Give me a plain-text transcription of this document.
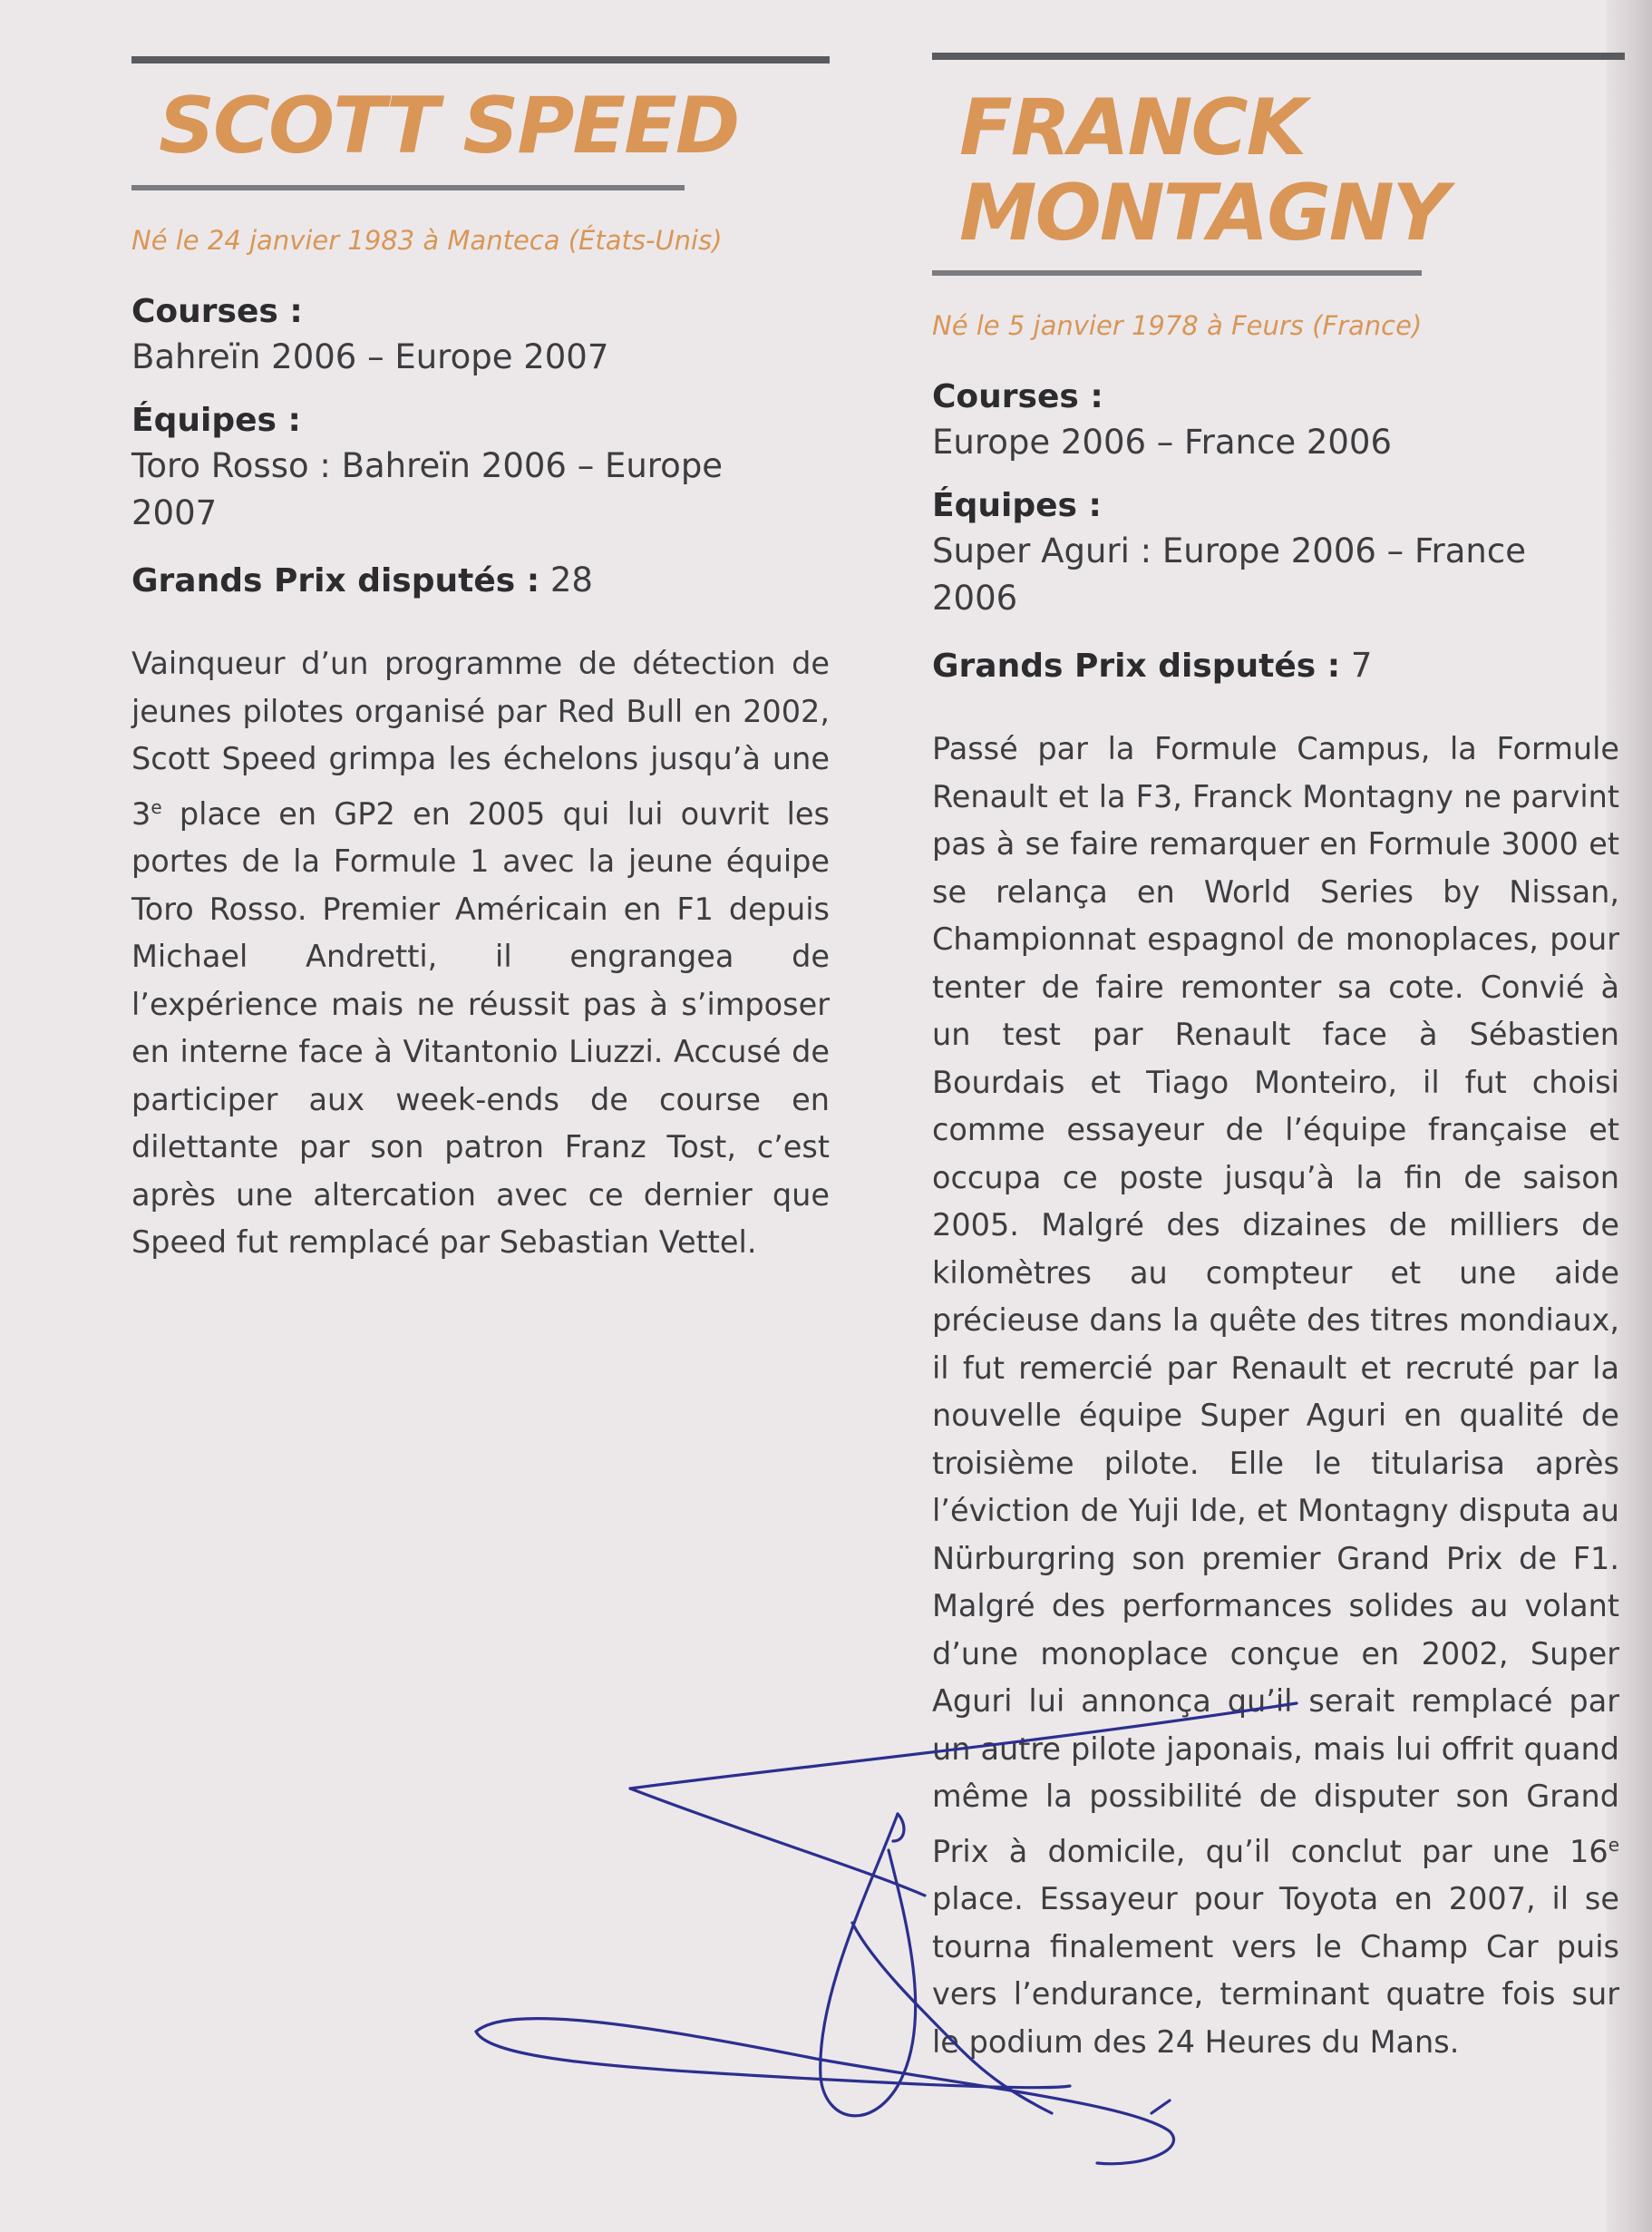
SCOTT SPEED

Né le 24 janvier 1983 à Manteca (États-Unis)

Courses :

Bahreïn 2006 – Europe 2007

Équipes :

Toro Rosso : Bahreïn 2006 – Europe 2007

Grands Prix disputés : 28

Vainqueur d’un programme de détection de jeunes pilotes organisé par Red Bull en 2002, Scott Speed grimpa les échelons jusqu’à une 3e place en GP2 en 2005 qui lui ouvrit les portes de la Formule 1 avec la jeune équipe Toro Rosso. Premier Américain en F1 depuis Michael Andretti, il engrangea de l’expérience mais ne réussit pas à s’imposer en interne face à Vitantonio Liuzzi. Accusé de participer aux week-ends de course en dilettante par son patron Franz Tost, c’est après une altercation avec ce dernier que Speed fut remplacé par Sebastian Vettel.

FRANCK
MONTAGNY

Né le 5 janvier 1978 à Feurs (France)

Courses :

Europe 2006 – France 2006

Équipes :

Super Aguri : Europe 2006 – France 2006

Grands Prix disputés : 7

Passé par la Formule Campus, la Formule Renault et la F3, Franck Montagny ne parvint pas à se faire remarquer en Formule 3000 et se relança en World Series by Nissan, Championnat espagnol de monoplaces, pour tenter de faire remonter sa cote. Convié à un test par Renault face à Sébastien Bourdais et Tiago Monteiro, il fut choisi comme essayeur de l’équipe française et occupa ce poste jusqu’à la fin de saison 2005. Malgré des dizaines de milliers de kilomètres au compteur et une aide précieuse dans la quête des titres mondiaux, il fut remercié par Renault et recruté par la nouvelle équipe Super Aguri en qualité de troisième pilote. Elle le titularisa après l’éviction de Yuji Ide, et Montagny disputa au Nürburgring son premier Grand Prix de F1. Malgré des performances solides au volant d’une monoplace conçue en 2002, Super Aguri lui annonça qu’il serait remplacé par un autre pilote japonais, mais lui offrit quand même la possibilité de disputer son Grand Prix à domicile, qu’il conclut par une 16e place. Essayeur pour Toyota en 2007, il se tourna finalement vers le Champ Car puis vers l’endurance, terminant quatre fois sur le podium des 24 Heures du Mans.
